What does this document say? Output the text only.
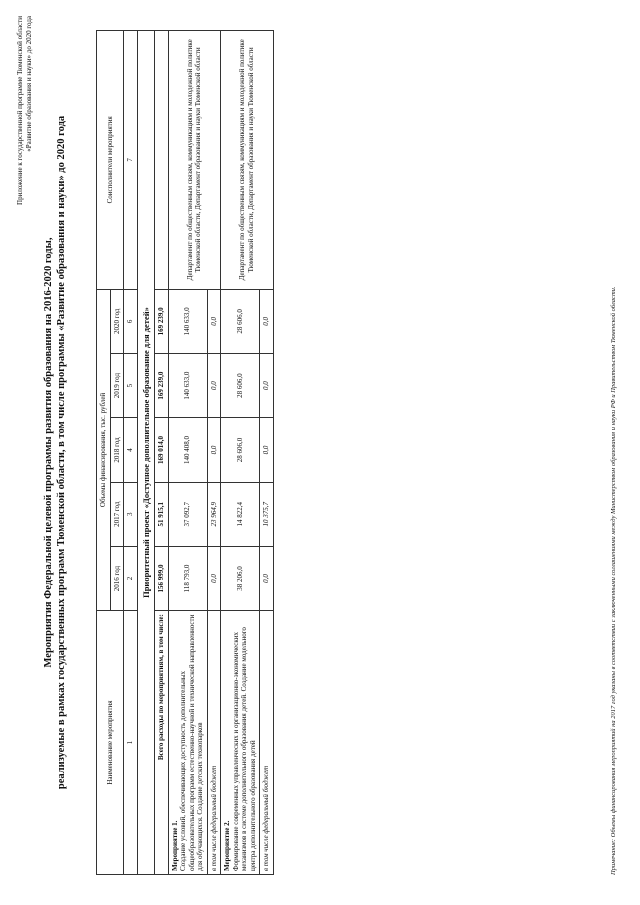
Приложение к государственной программе Тюменской области «Развитие образования и науки» до 2020 года
Мероприятия Федеральной целевой программы развития образования на 2016-2020 годы, реализуемые в рамках государственных программ Тюменской области, в том числе программы «Развитие образования и науки» до 2020 года	Наименование мероприятия	Объемы финансирования, тыс. рублей					Соисполнители мероприятия
	2016 год	2017 год	2018 год	2019 год	2020 год	
1	2	3	4	5	6	7
Приоритетный проект «Доступное дополнительное образование для детей»						
Всего расходы по мероприятиям, в том числе:	156 999,0	51 915,1	169 014,0	169 239,0	169 239,0	

Мероприятие 1. Создание условий, обеспечивающих доступность дополнительных общеобразовательных программ естественно-научной и технической направленности для обучающихся. Создание детских технопарков	118 793,0	37 092,7	140 408,0	140 633,0	140 633,0	Департамент по общественным связям, коммуникациям и молодежной политике Тюменской области, Департамент образования и науки Тюменской области
в том числе федеральный бюджет	0,0	23 964,9	0,0	0,0	0,0	

Мероприятие 2. Формирование современных управленческих и организационно-экономических механизмов в системе дополнительного образования детей. Создание модельного центра дополнительного образования детей	38 206,0	14 822,4	28 606,0	28 606,0	28 606,0	Департамент по общественным связям, коммуникациям и молодежной политике Тюменской области, Департамент образования и науки Тюменской области
в том числе федеральный бюджет	0,0	10 375,7	0,0	0,0	0,0		Примечание: Объемы финансирования мероприятий на 2017 год указаны в соответствии с заключенными соглашениями между Министерством образования и науки РФ и Правительством Тюменской области.
